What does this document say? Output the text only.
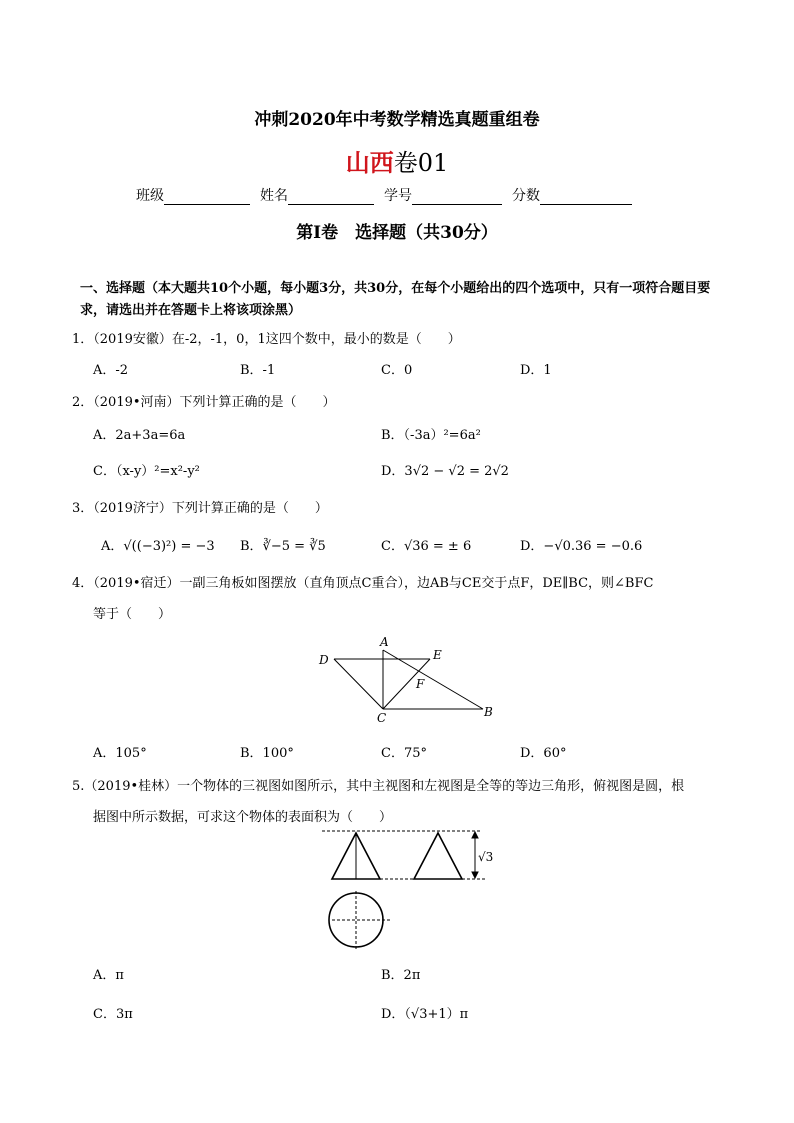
冲刺2020年中考数学精选真题重组卷
山西卷01
班级	姓名	学号	分数
第Ⅰ卷　选择题（共30分）
一、选择题（本大题共10个小题，每小题3分，共30分，在每个小题给出的四个选项中，只有一项符合题目要求，请选出并在答题卡上将该项涂黑）
1．（2019安徽）在-2，-1，0，1这四个数中，最小的数是（　　）
A．-2	B．-1	C．0	D．1
2．（2019•河南）下列计算正确的是（　　）
A．2a+3a=6a	B．（-3a）²=6a²
C．（x-y）²=x²-y²	D．3√2 − √2 = 2√2
3．（2019济宁）下列计算正确的是（　　）
A．√((−3)²) = −3 B．∛−5 = ∛5	C．√36 = ± 6	D．−√0.36 = −0.6
4．（2019•宿迁）一副三角板如图摆放（直角顶点C重合），边AB与CE交于点F，DE∥BC，则∠BFC
等于（　　）
A
D	E
F
C	B
A．105°	B．100°	C．75°	D．60°
5.（2019•桂林）一个物体的三视图如图所示，其中主视图和左视图是全等的等边三角形，俯视图是圆，根
据图中所示数据，可求这个物体的表面积为（　　）
√3
A．π	B．2π
C．3π	D．（√3+1）π
